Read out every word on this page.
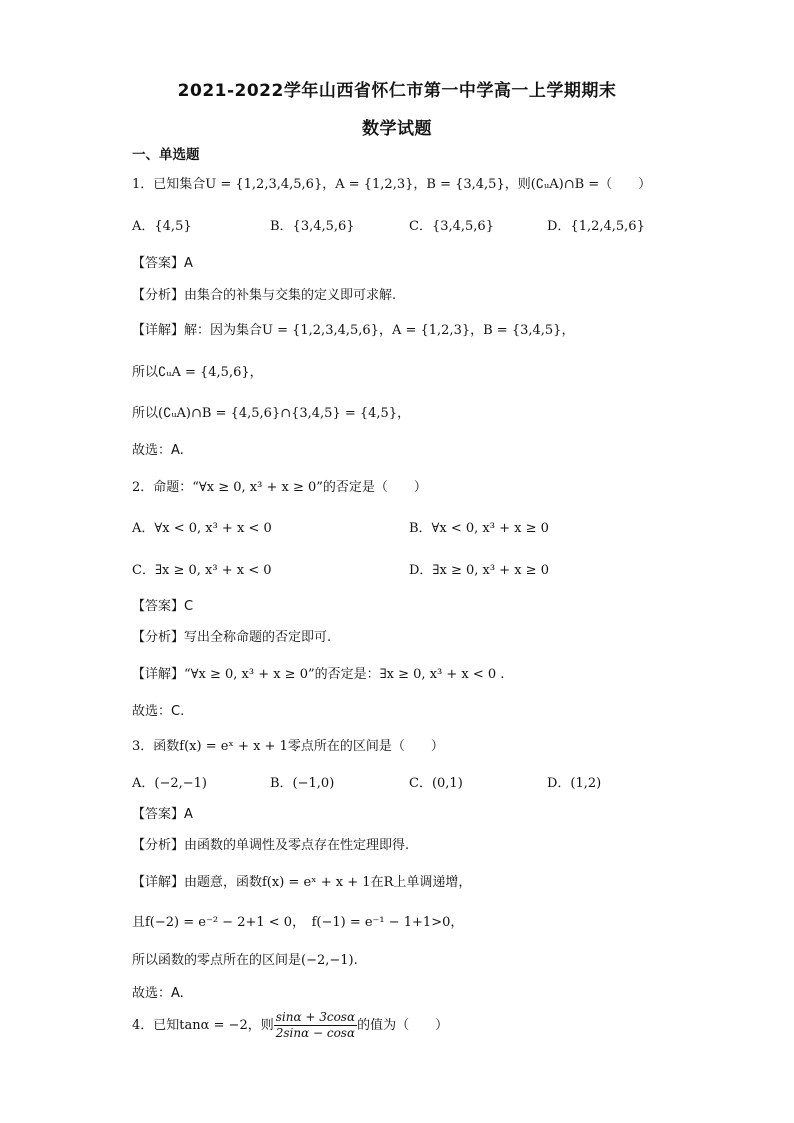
2021-2022学年山西省怀仁市第一中学高一上学期期末
数学试题
一、单选题
1．已知集合U = {1,2,3,4,5,6}，A = {1,2,3}，B = {3,4,5}，则(∁ᵤA)∩B =（　　）
A．{4,5}	B．{3,4,5,6}	C．{3,4,5,6}	D．{1,2,4,5,6}
【答案】A
【分析】由集合的补集与交集的定义即可求解.
【详解】解：因为集合U = {1,2,3,4,5,6}，A = {1,2,3}，B = {3,4,5}，
所以∁ᵤA = {4,5,6}，
所以(∁ᵤA)∩B = {4,5,6}∩{3,4,5} = {4,5}，
故选：A.
2．命题：“∀x ≥ 0, x³ + x ≥ 0”的否定是（　　）
A．∀x < 0, x³ + x < 0	B．∀x < 0, x³ + x ≥ 0
C．∃x ≥ 0, x³ + x < 0	D．∃x ≥ 0, x³ + x ≥ 0
【答案】C
【分析】写出全称命题的否定即可.
【详解】“∀x ≥ 0, x³ + x ≥ 0”的否定是：∃x ≥ 0, x³ + x < 0 .
故选：C.
3．函数f(x) = eˣ + x + 1零点所在的区间是（　　）
A．(−2,−1)	B．(−1,0)	C．(0,1)	D．(1,2)
【答案】A
【分析】由函数的单调性及零点存在性定理即得.
【详解】由题意，函数f(x) = eˣ + x + 1在R上单调递增，
且f(−2) = e⁻² − 2+1 < 0，　f(−1) = e⁻¹ − 1+1>0，
所以函数的零点所在的区间是(−2,−1).
故选：A.
4．已知tanα = −2，则 $\frac{\sin\alpha + 3\cos\alpha}{2\sin\alpha - \cos\alpha}$ 的值为（　　）
